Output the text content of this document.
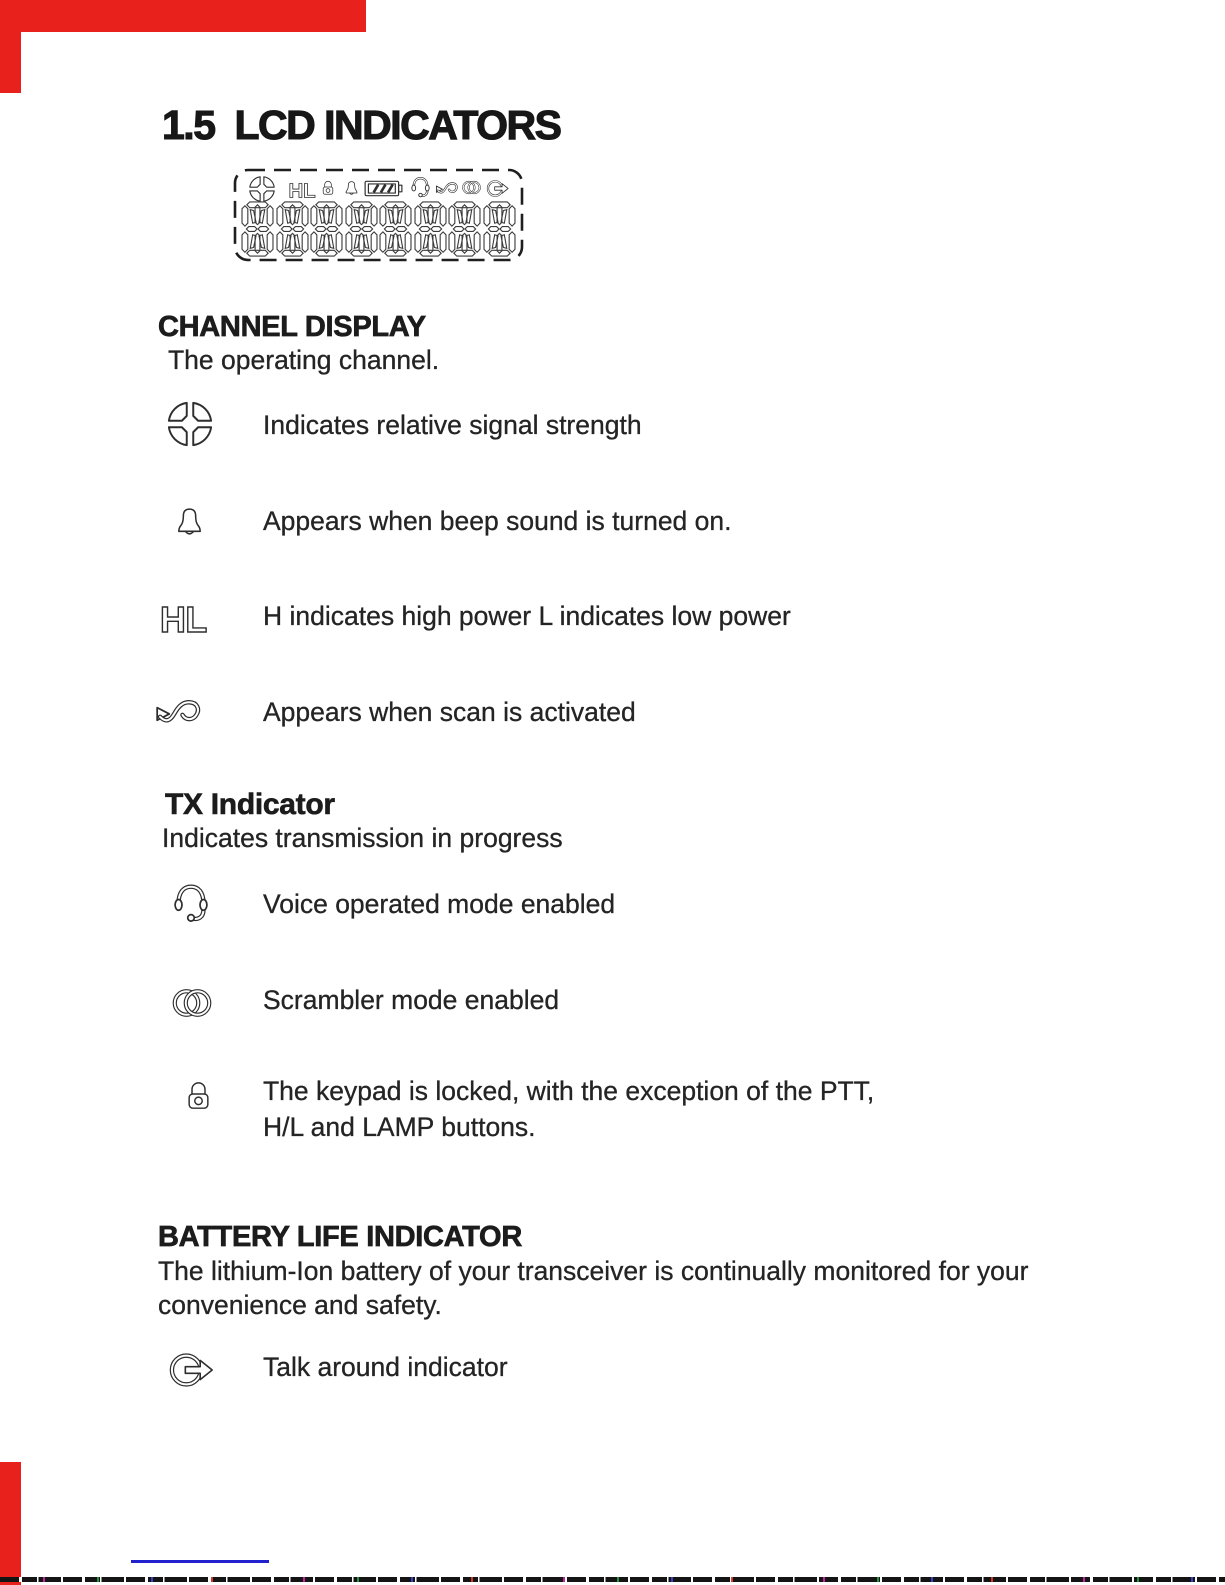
1.5 LCD INDICATORS
CHANNEL DISPLAY
The operating channel.
Indicates relative signal strength
Appears when beep sound is turned on.
H indicates high power L indicates low power
Appears when scan is activated
TX Indicator
Indicates transmission in progress
Voice operated mode enabled
Scrambler mode enabled
The keypad is locked, with the exception of the PTT,
H/L and LAMP buttons.
BATTERY LIFE INDICATOR
The lithium-Ion battery of your transceiver is continually monitored for your
convenience and safety.
Talk around indicator
